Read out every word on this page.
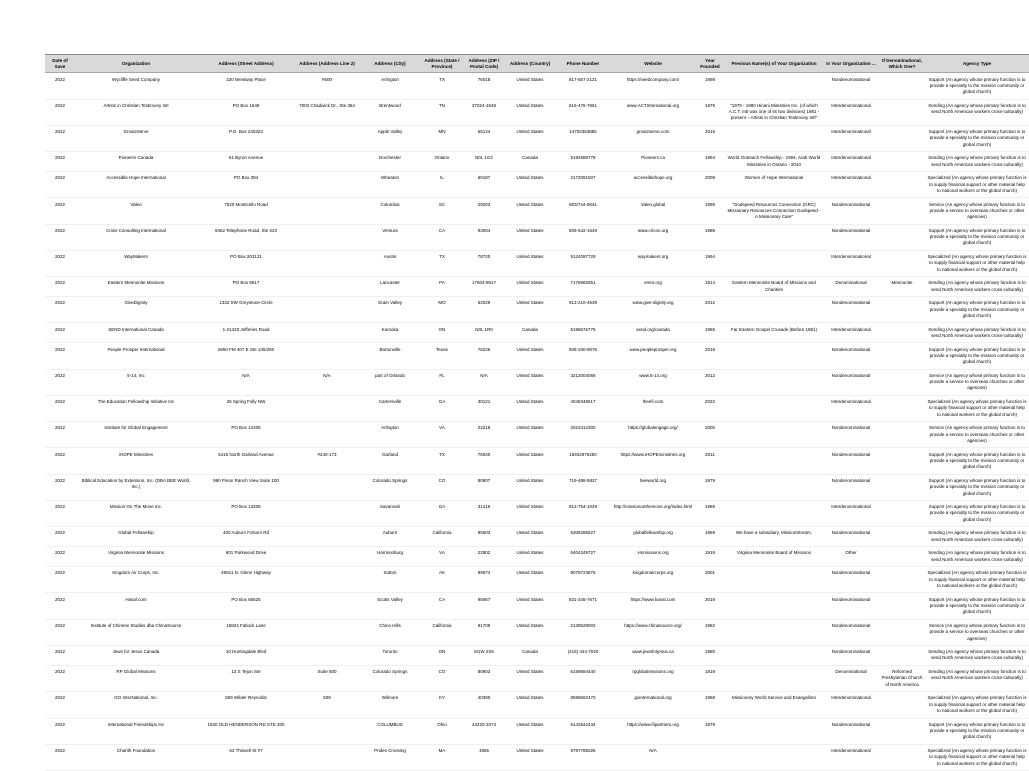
Date of Save	Organization	Address (Street Address)	Address (Address Line 2)	Address (City)	Address (State / Province)	Address (ZIP / Postal Code)	Address (Country)	Phone Number	Website	Year Founded	Previous Name(s) of Your Organization	Is Your Organization ...	If Denominational, Which One?	Agency Type
2022	Wycliffe Seed Company	220 Westway Place	#500	Arlington	TX	76018	United States	817-557-2121	https://seedcompany.com/	1998		Nondenominational		Support (An agency whose primary function is to provide a specialty to the mission community or global church)
2022	Artists in Christian Testimony Intl	PO Box 1649	7003 Chadwick Dr., Ste 354	Brentwood	TN	37024-1649	United States	615-476-7861	www.ACTInternational.org	1979	"1979 - 1980 Hinani Ministries Inc. (of which A.C.T. Intl was one of its two divisions) 1981 - present – Artists in Christian Testimony Intl"	Interdenominational		Sending (An agency whose primary function is to send North American workers cross-culturally)
2022	Grow2Serve	P.O. Box 240323		Apple Valley	MN	55124	United States	14702363885	grow2serve.com	2015		Interdenominational		Support (An agency whose primary function is to provide a specialty to the mission community or global church)
2022	Pioneers Canada	51 Byron Avenue		Dorchester	Ontario	N0L 1G2	Canada	5192688778	Pioneers.ca	1994	World Outreach Fellowship - 1994, Arab World Ministries in Ontario - 2010	Interdenominational		Sending (An agency whose primary function is to send North American workers cross-culturally)
2022	Accessible Hope International	PO Box 394		Wheaton	IL	60187	United States	2172091507	accessiblehope.org	2009	Women of Hope International	Interdenominational		Specialized (An agency whose primary function is to supply financial support or other material help to national workers or the global church)
2022	Valeo	7520 Monticello Road		Columbia	SC	29203	United States	803/744-0641	Valeo.global	1995	"Godspeed Resources Connection (GRC) Missionary Resources Connection Godspeed - A Missionary Care"	Nondenominational		Service (An agency whose primary function is to provide a service to overseas churches or other agencies)
2022	Crisis Consulting International	9452 Telephone Road, Ste 223		Ventura	CA	93004	United States	805-642-1549	www.cricon.org	1985		Nondenominational		Support (An agency whose primary function is to provide a specialty to the mission community or global church)
2022	WayMakers	PO Box 203131		Austin	TX	78720	United States	5124097729	waymakers.org	1994		Interdenominational		Specialized (An agency whose primary function is to supply financial support or other material help to national workers or the global church)
2022	Eastern Mennonite Missions	PO Box 8617		Lancaster	PA	17604-8617	United States	7176982551	emm.org	1914	Eastern Mennonite Board of Missions and Charities	Denominational	Mennonite	Sending (An agency whose primary function is to send North American workers cross-culturally)
2022	GiveDignity	1332 SW Greystone Circle		Grain Valley	MO	64029	United States	913-210-4639	www.give-dignity.org	2012		Nondenominational		Support (An agency whose primary function is to provide a specialty to the mission community or global church)
2022	SEND International Canada	1-21423 Jefferies Road		Komoka	ON	N0L 1R0	Canada	5196576775	send.org/canada	1965	Far Eastern Gospel Crusade (Before 1981)	Interdenominational		Sending (An agency whose primary function is to send North American workers cross-culturally)
2022	People Prosper International	2650 FM 407 E Ste 135/250		Bartonville	Texas	76226	United States	505-330-9076	www.peopleprosper.org	2016		Nondenominational		Support (An agency whose primary function is to provide a specialty to the mission community or global church)
2022	5-14, Inc	N/A	N/A	part of Orlando	FL	N/A	United States	3212004066	www.5-14.org	2012		Nondenominational		Service (An agency whose primary function is to provide a service to overseas churches or other agencies)
2022	The Education Fellowship Initiative Inc	26 Spring Folly NW		Cartersville	GA	30121	United States	4048348617	theefi.com	2022		Interdenominational		Specialized (An agency whose primary function is to supply financial support or other material help to national workers or the global church)
2022	Institute for Global Engagement	PO Box 12205		Arlington	VA	22219	United States	2023412300	https://globalengage.org/	2000		Nondenominational		Service (An agency whose primary function is to provide a service to overseas churches or other agencies)
2022	iHOPE Ministries	5415 North Garland Avenue	#240-173	Garland	TX	75040	United States	19402975450	https://www.iHOPEministries.org	2011		Nondenominational		Support (An agency whose primary function is to provide a specialty to the mission community or global church)
2022	Biblical Education by Extension, Inc. (DBA BEE World, Inc.)	990 Pinon Ranch View Suite 100		Colorado Springs	CO	80907	United States	719-488-5837	beeworld.org	1979		Nondenominational		Support (An agency whose primary function is to provide a specialty to the mission community or global church)
2022	Mission On The Move Inc.	PO Box 13208		Savannah	GA	31416	United States	912-754-1049	http://missiononthemove.org/index.html	1986		Interdenominational		Support (An agency whose primary function is to provide a specialty to the mission community or global church)
2022	Global Fellowship	400 Auburn Folsom Rd		Auburn	California	95603	United States	5306285527	globalfellowship.org	1969	We have a subsidiary, MissionStream.	Nondenominational		Sending (An agency whose primary function is to send North American workers cross-culturally)
2022	Virginia Mennonite Missions	601 Parkwood Drive		Harrisonburg	VA	22802	United States	5404349727	vmmissions.org	1919	Virginia Mennonite Board of Missions	Other		Sending (An agency whose primary function is to send North American workers cross-culturally)
2022	Kingdom Air Corps, Inc.	49911 N. Glenn Highway		Sutton	AK	99674	United States	9079723676	kingdomaircorps.org	2001		Nondenominational		Specialized (An agency whose primary function is to supply financial support or other material help to national workers or the global church)
2022	Haval.com	PO Box 66525		Scotts Valley	CA	95067	United States	831-345-7671	https://www.haval.com	2019		Nondenominational		Support (An agency whose primary function is to provide a specialty to the mission community or global church)
2022	Institute of Chinese Studies dba ChinaSource	15824 Fatlock Lane		Chino Hills	California	91709	United States	2139529003	https://www.chinasource.org/	1982		Nondenominational		Service (An agency whose primary function is to provide a service to overseas churches or other agencies)
2022	Jews for Jesus Canada	10 Huntingdale Blvd		Toronto	ON	M1W 2S5	Canada	(416) 444-7020	www.jewsforjesus.ca	1980		Nondenominational		Sending (An agency whose primary function is to send North American workers cross-culturally)
2022	RP Global Missions	13 S Tejon Ste	Suite 500	Colorado Springs	CO	80903	United States	6159884440	rpglobalmissions.org	1819		Denominational	Reformed Presbyterian Church of North America	Sending (An agency whose primary function is to send North American workers cross-culturally)
2022	GO InterNational, Inc.	509 Wilder Reynolds	509	Wilmore	KY	40390	United States	8599682470	gointernational.org	1968	Missionary World Service and Evangelism	Interdenominational		Specialized (An agency whose primary function is to supply financial support or other material help to national workers or the global church)
2022	International Friendships Inc	1520 OLD HENDERSON RD STE 200		COLUMBUS	Ohio	43220-1074	United States	6142942434	https://www.ifipartners.org	1979		Nondenominational		Support (An agency whose primary function is to provide a specialty to the mission community or global church)
2022	Charith Foundation	64 Thissell St #7		Prides Crossing	MA	1965	United States	9787785026	N/A			Interdenominational		Specialized (An agency whose primary function is to supply financial support or other material help to national workers or the global church)
